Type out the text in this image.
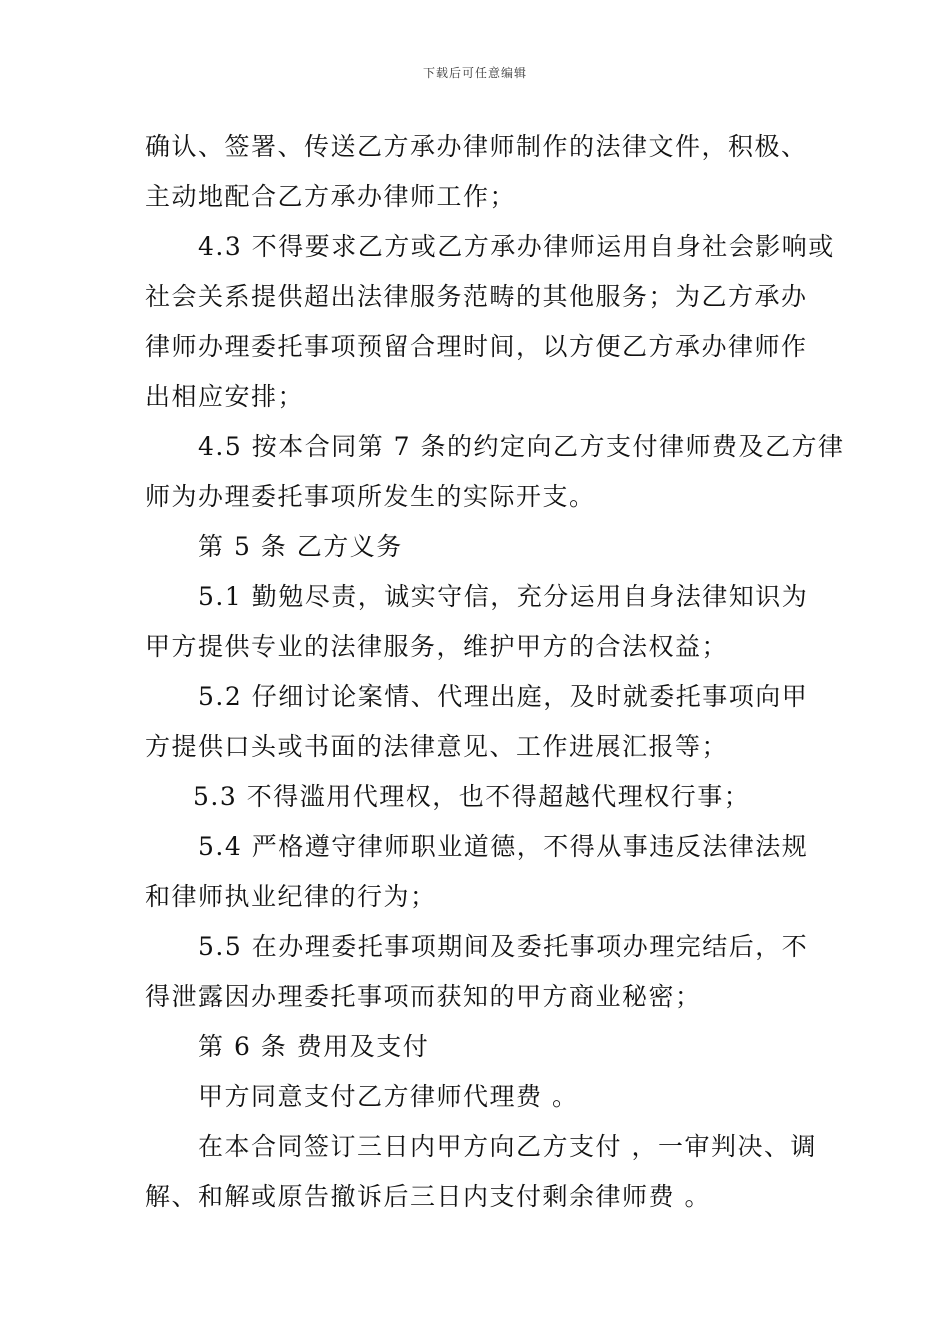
下载后可任意编辑
确认、签署、传送乙方承办律师制作的法律文件，积极、
主动地配合乙方承办律师工作；
4.3 不得要求乙方或乙方承办律师运用自身社会影响或
社会关系提供超出法律服务范畴的其他服务；为乙方承办
律师办理委托事项预留合理时间，以方便乙方承办律师作
出相应安排；
4.5 按本合同第 7 条的约定向乙方支付律师费及乙方律
师为办理委托事项所发生的实际开支。
第 5 条 乙方义务
5.1 勤勉尽责，诚实守信，充分运用自身法律知识为
甲方提供专业的法律服务，维护甲方的合法权益；
5.2 仔细讨论案情、代理出庭，及时就委托事项向甲
方提供口头或书面的法律意见、工作进展汇报等；
5.3 不得滥用代理权，也不得超越代理权行事；
5.4 严格遵守律师职业道德，不得从事违反法律法规
和律师执业纪律的行为；
5.5 在办理委托事项期间及委托事项办理完结后，不
得泄露因办理委托事项而获知的甲方商业秘密；
第 6 条 费用及支付
甲方同意支付乙方律师代理费 。
在本合同签订三日内甲方向乙方支付 ，一审判决、调
解、和解或原告撤诉后三日内支付剩余律师费 。
